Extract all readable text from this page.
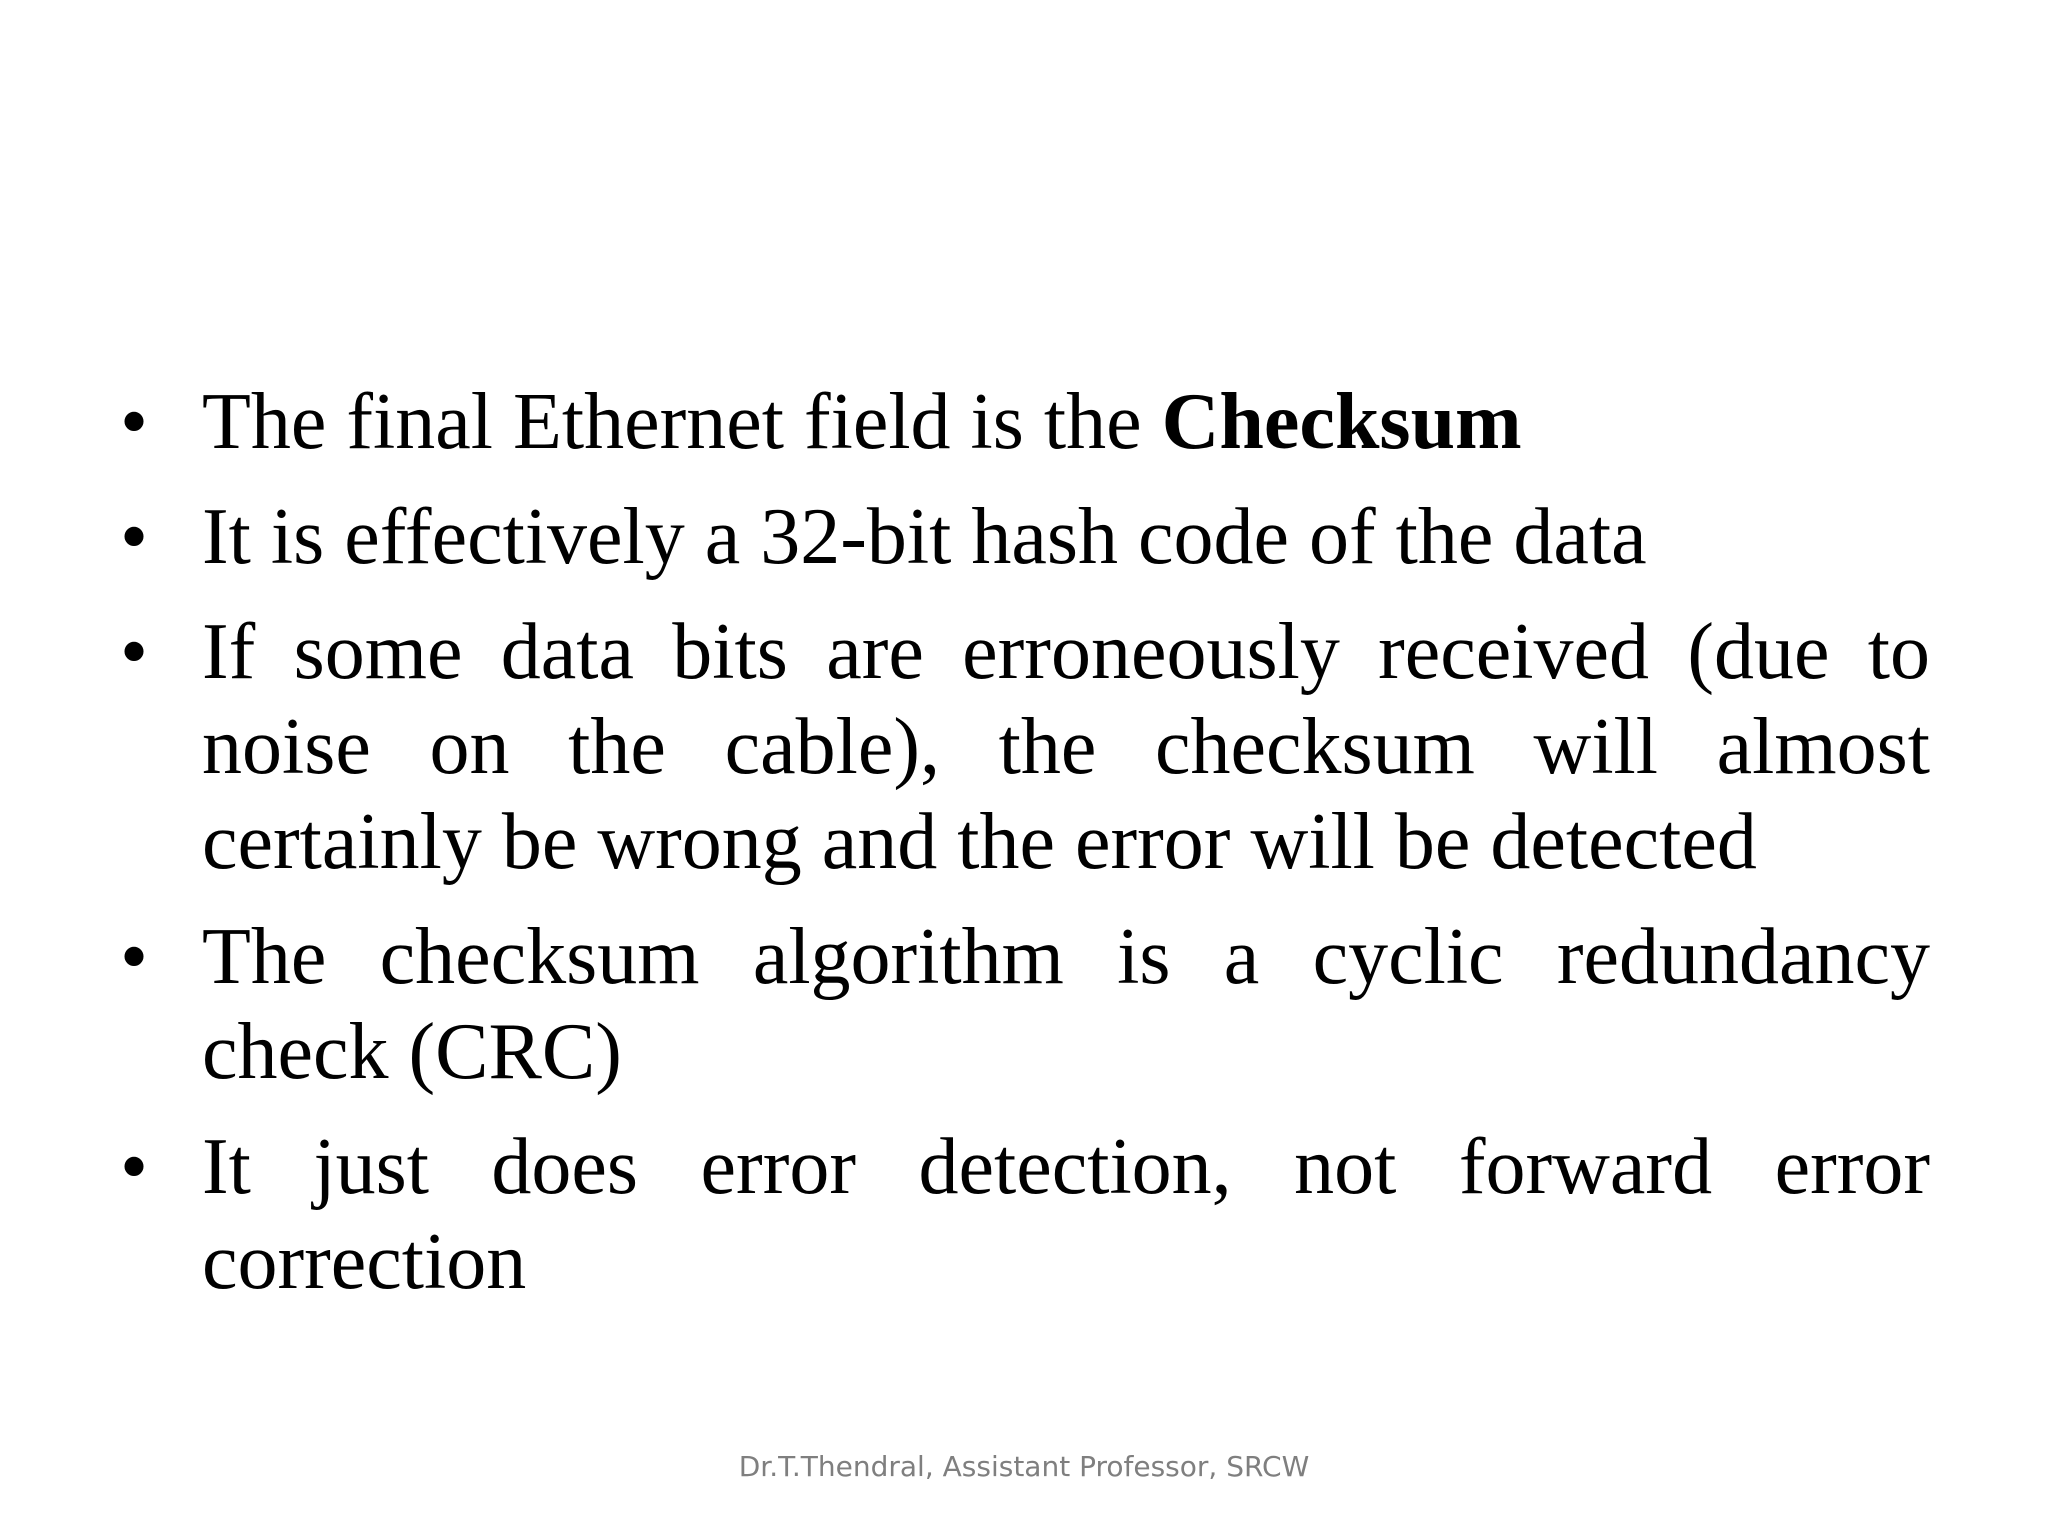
• The final Ethernet field is the Checksum
• It is effectively a 32-bit hash code of the data
• If some data bits are erroneously received (due to noise on the cable), the checksum will almost certainly be wrong and the error will be detected
• The checksum algorithm is a cyclic redundancy check (CRC)
• It just does error detection, not forward error correction
Dr.T.Thendral, Assistant Professor, SRCW
